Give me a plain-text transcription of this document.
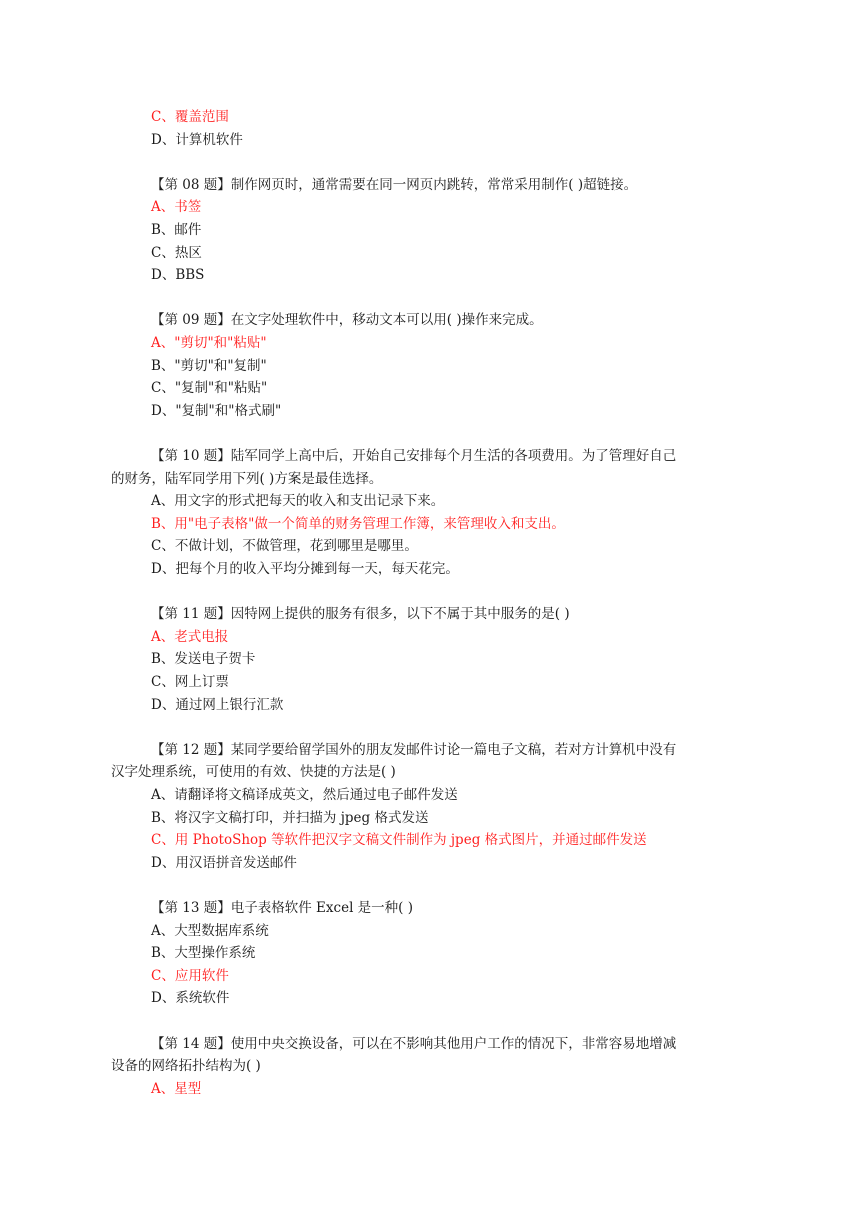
C、覆盖范围
D、计算机软件
【第 08 题】制作网页时，通常需要在同一网页内跳转，常常采用制作( )超链接。
A、书签
B、邮件
C、热区
D、BBS
【第 09 题】在文字处理软件中，移动文本可以用( )操作来完成。
A、"剪切"和"粘贴"
B、"剪切"和"复制"
C、"复制"和"粘贴"
D、"复制"和"格式刷"
【第 10 题】陆军同学上高中后，开始自己安排每个月生活的各项费用。为了管理好自己
的财务，陆军同学用下列( )方案是最佳选择。
A、用文字的形式把每天的收入和支出记录下来。
B、用"电子表格"做一个简单的财务管理工作簿，来管理收入和支出。
C、不做计划，不做管理，花到哪里是哪里。
D、把每个月的收入平均分摊到每一天，每天花完。
【第 11 题】因特网上提供的服务有很多，以下不属于其中服务的是( )
A、老式电报
B、发送电子贺卡
C、网上订票
D、通过网上银行汇款
【第 12 题】某同学要给留学国外的朋友发邮件讨论一篇电子文稿，若对方计算机中没有
汉字处理系统，可使用的有效、快捷的方法是( )
A、请翻译将文稿译成英文，然后通过电子邮件发送
B、将汉字文稿打印，并扫描为 jpeg 格式发送
C、用 PhotoShop 等软件把汉字文稿文件制作为 jpeg 格式图片，并通过邮件发送
D、用汉语拼音发送邮件
【第 13 题】电子表格软件 Excel 是一种( )
A、大型数据库系统
B、大型操作系统
C、应用软件
D、系统软件
【第 14 题】使用中央交换设备，可以在不影响其他用户工作的情况下，非常容易地增减
设备的网络拓扑结构为( )
A、星型
